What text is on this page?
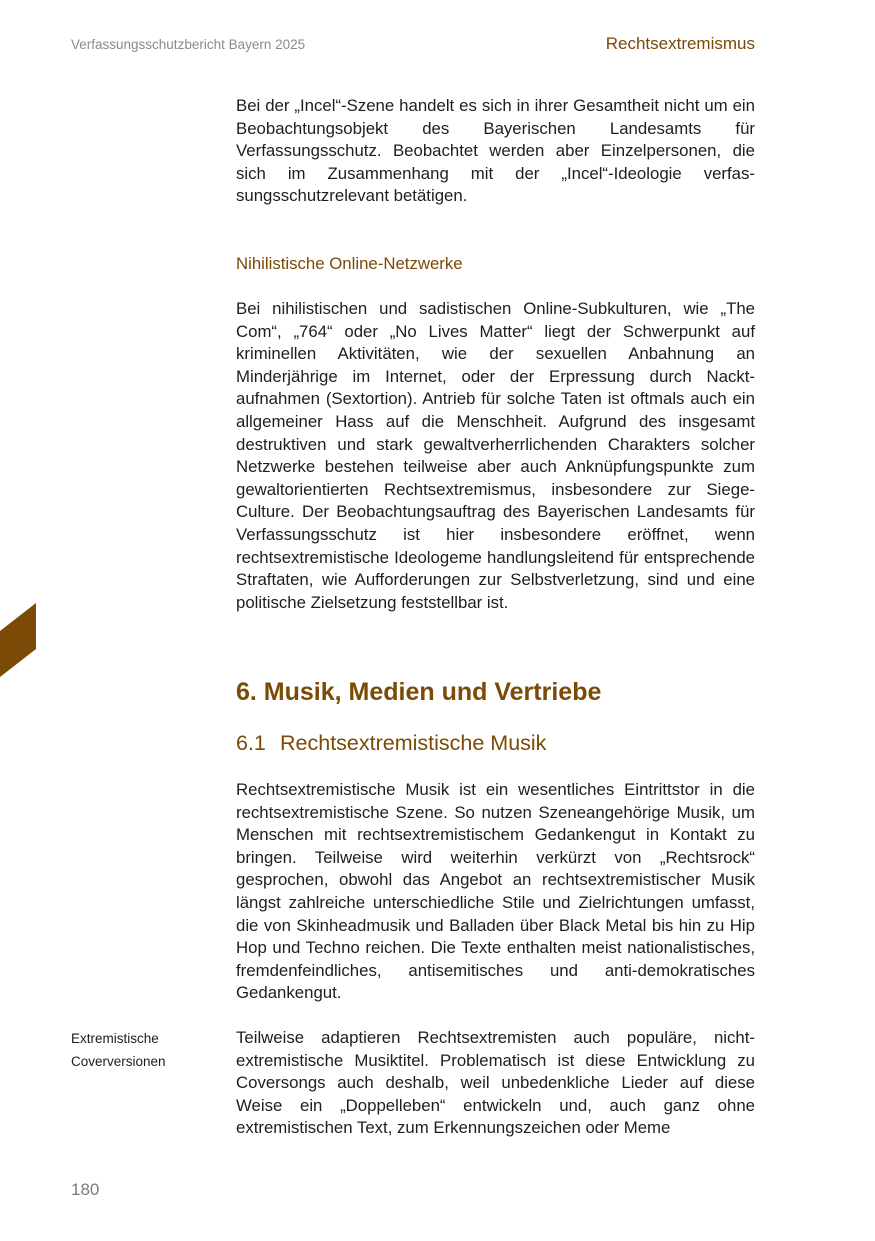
Verfassungsschutzbericht Bayern 2025	Rechtsextremismus

Bei der „Incel“-Szene handelt es sich in ihrer Gesamtheit nicht um ein Beobachtungsobjekt des Bayerischen Landesamts für Verfassungsschutz. Beobachtet werden aber Einzelpersonen, die sich im Zusammenhang mit der „Incel“-Ideologie verfassungsschutzrelevant betätigen.

Nihilistische Online-Netzwerke

Bei nihilistischen und sadistischen Online-Subkulturen, wie „The Com“, „764“ oder „No Lives Matter“ liegt der Schwerpunkt auf kriminellen Aktivitäten, wie der sexuellen Anbahnung an Minderjährige im Internet, oder der Erpressung durch Nacktaufnahmen (Sextortion). Antrieb für solche Taten ist oftmals auch ein allgemeiner Hass auf die Menschheit. Aufgrund des insgesamt destruktiven und stark gewaltverherrlichenden Charakters solcher Netzwerke bestehen teilweise aber auch Anknüpfungspunkte zum gewaltorientierten Rechtsextremismus, insbesondere zur Siege-Culture. Der Beobachtungsauftrag des Bayerischen Landesamts für Verfassungsschutz ist hier insbesondere eröffnet, wenn rechtsextremistische Ideologeme handlungsleitend für entsprechende Straftaten, wie Aufforderungen zur Selbstverletzung, sind und eine politische Zielsetzung feststellbar ist.

6. Musik, Medien und Vertriebe
6.1 Rechtsextremistische Musik

Rechtsextremistische Musik ist ein wesentliches Eintrittstor in die rechtsextremistische Szene. So nutzen Szeneangehörige Musik, um Menschen mit rechtsextremistischem Gedankengut in Kontakt zu bringen. Teilweise wird weiterhin verkürzt von „Rechtsrock“ gesprochen, obwohl das Angebot an rechtsextremistischer Musik längst zahlreiche unterschiedliche Stile und Zielrichtungen umfasst, die von Skinheadmusik und Balladen über Black Metal bis hin zu Hip Hop und Techno reichen. Die Texte enthalten meist nationalistisches, fremdenfeindliches, antisemitisches und anti-demokratisches Gedankengut.

Extremistische
Coverversionen

Teilweise adaptieren Rechtsextremisten auch populäre, nichtextremistische Musiktitel. Problematisch ist diese Entwicklung zu Coversongs auch deshalb, weil unbedenkliche Lieder auf diese Weise ein „Doppelleben“ entwickeln und, auch ganz ohne extremistischen Text, zum Erkennungszeichen oder Meme

180
